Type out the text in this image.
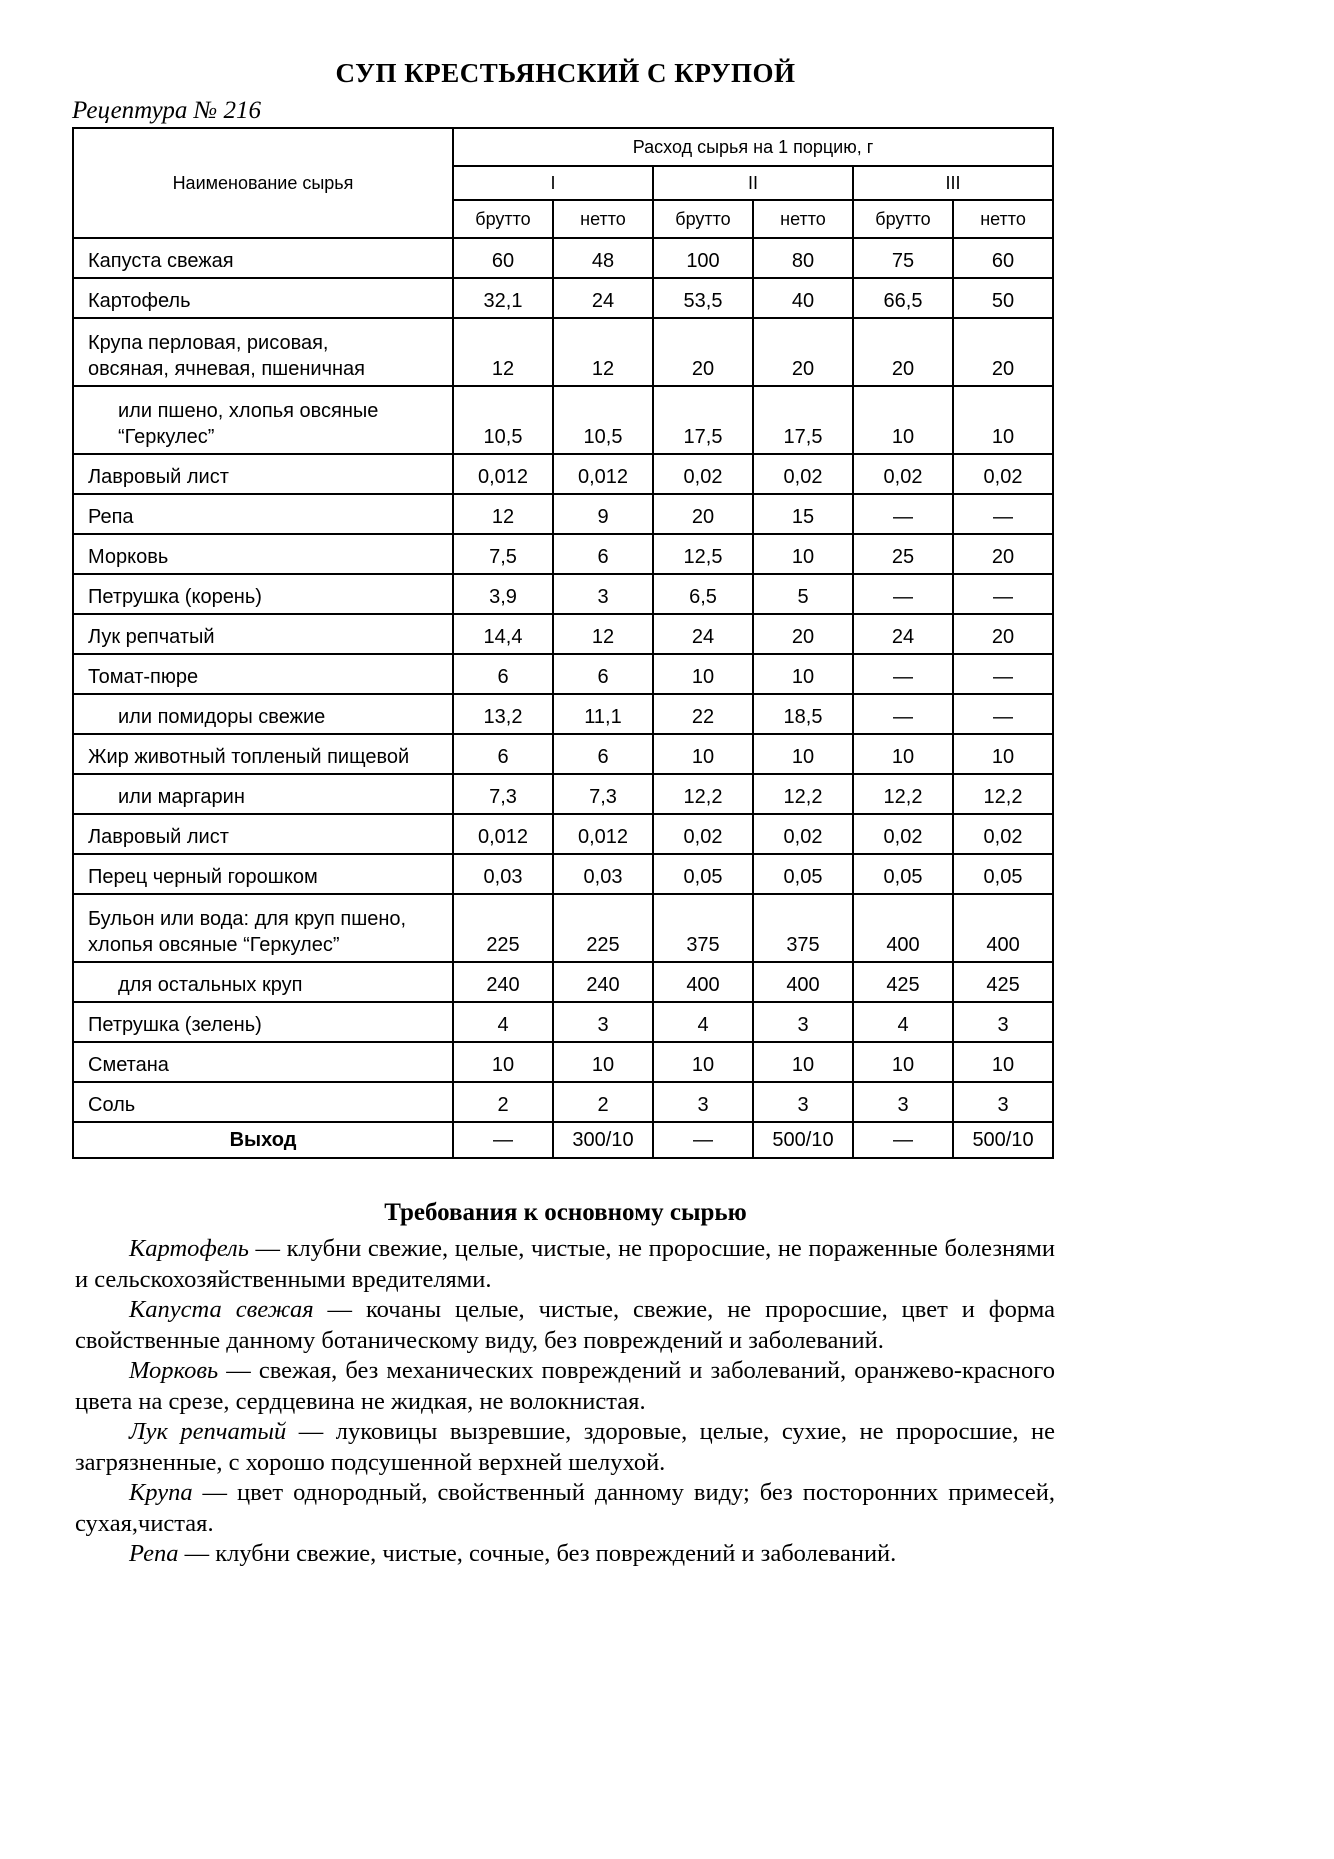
СУП КРЕСТЬЯНСКИЙ С КРУПОЙ
Рецептура № 216
Наименование сырья	Расход сырья на 1 порцию, г					
	I		II		III	
	брутто	нетто	брутто	нетто	брутто	нетто
Капуста свежая	60	48	100	80	75	60
Картофель	32,1	24	53,5	40	66,5	50

Крупа перловая, рисовая,
овсяная, ячневая, пшеничная	12	12	20	20	20	20

или пшено, хлопья овсяные
“Геркулес”	10,5	10,5	17,5	17,5	10	10
Лавровый лист	0,012	0,012	0,02	0,02	0,02	0,02
Репа	12	9	20	15	—	—
Морковь	7,5	6	12,5	10	25	20
Петрушка (корень)	3,9	3	6,5	5	—	—
Лук репчатый	14,4	12	24	20	24	20
Томат-пюре	6	6	10	10	—	—
или помидоры свежие	13,2	11,1	22	18,5	—	—
Жир животный топленый пищевой	6	6	10	10	10	10
или маргарин	7,3	7,3	12,2	12,2	12,2	12,2
Лавровый лист	0,012	0,012	0,02	0,02	0,02	0,02
Перец черный горошком	0,03	0,03	0,05	0,05	0,05	0,05

Бульон или вода: для круп пшено,
хлопья овсяные “Геркулес”	225	225	375	375	400	400
для остальных круп	240	240	400	400	425	425
Петрушка (зелень)	4	3	4	3	4	3
Сметана	10	10	10	10	10	10
Соль	2	2	3	3	3	3
Выход	—	300/10	—	500/10	—	500/10
Требования к основному сырью

Картофель — клубни свежие, целые, чистые, не проросшие, не пораженные болезнями и сельскохозяйственными вредителями.

Капуста свежая — кочаны целые, чистые, свежие, не проросшие, цвет и форма свойственные данному ботаническому виду, без повреждений и заболеваний.

Морковь — свежая, без механических повреждений и заболеваний, оранжево-красного цвета на срезе, сердцевина не жидкая, не волокнистая.

Лук репчатый — луковицы вызревшие, здоровые, целые, сухие, не проросшие, не загрязненные, с хорошо подсушенной верхней шелухой.

Крупа — цвет однородный, свойственный данному виду; без посторонних примесей, сухая,чистая.

Репа — клубни свежие, чистые, сочные, без повреждений и заболеваний.
